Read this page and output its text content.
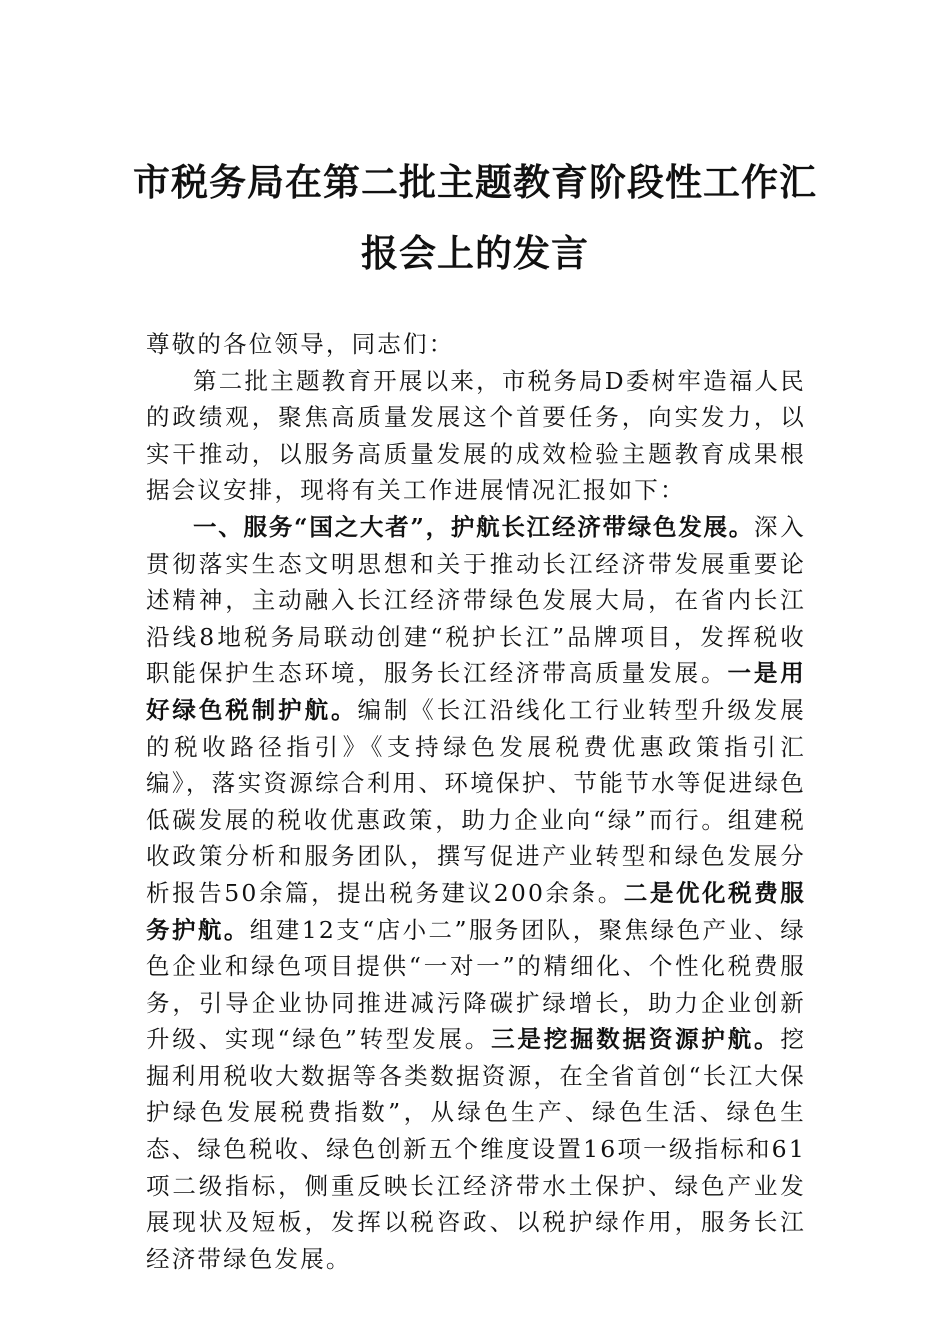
市税务局在第二批主题教育阶段性工作汇
报会上的发言

尊敬的各位领导，同志们：

第二批主题教育开展以来，市税务局D委树牢造福人民的政绩观，聚焦高质量发展这个首要任务，向实发力，以实干推动，以服务高质量发展的成效检验主题教育成果根据会议安排，现将有关工作进展情况汇报如下：

一、服务“国之大者”，护航长江经济带绿色发展。深入贯彻落实生态文明思想和关于推动长江经济带发展重要论述精神，主动融入长江经济带绿色发展大局，在省内长江沿线8地税务局联动创建“税护长江”品牌项目，发挥税收职能保护生态环境，服务长江经济带高质量发展。一是用好绿色税制护航。编制《长江沿线化工行业转型升级发展的税收路径指引》《支持绿色发展税费优惠政策指引汇编》，落实资源综合利用、环境保护、节能节水等促进绿色低碳发展的税收优惠政策，助力企业向“绿”而行。组建税收政策分析和服务团队，撰写促进产业转型和绿色发展分析报告50余篇，提出税务建议200余条。二是优化税费服务护航。组建12支“店小二”服务团队，聚焦绿色产业、绿色企业和绿色项目提供“一对一”的精细化、个性化税费服务，引导企业协同推进减污降碳扩绿增长，助力企业创新升级、实现“绿色”转型发展。三是挖掘数据资源护航。挖掘利用税收大数据等各类数据资源，在全省首创“长江大保护绿色发展税费指数”，从绿色生产、绿色生活、绿色生态、绿色税收、绿色创新五个维度设置16项一级指标和61项二级指标，侧重反映长江经济带水土保护、绿色产业发展现状及短板，发挥以税咨政、以税护绿作用，服务长江经济带绿色发展。
